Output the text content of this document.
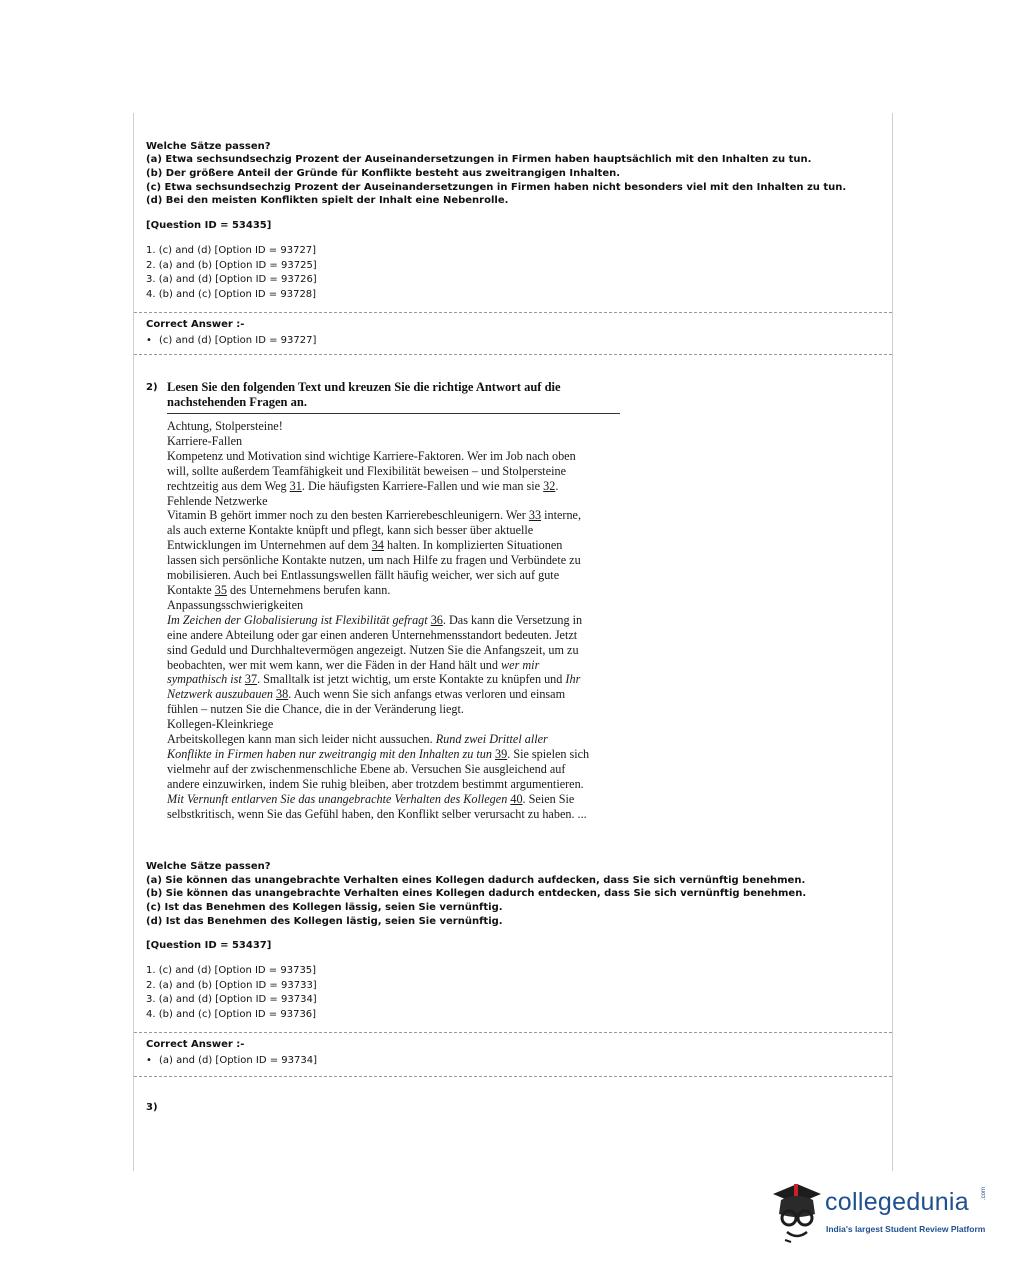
Welche Sätze passen?
(a) Etwa sechsundsechzig Prozent der Auseinandersetzungen in Firmen haben hauptsächlich mit den Inhalten zu tun.
(b) Der größere Anteil der Gründe für Konflikte besteht aus zweitrangigen Inhalten.
(c) Etwa sechsundsechzig Prozent der Auseinandersetzungen in Firmen haben nicht besonders viel mit den Inhalten zu tun.
(d) Bei den meisten Konflikten spielt der Inhalt eine Nebenrolle.
[Question ID = 53435]
1. (c) and (d) [Option ID = 93727]
2. (a) and (b) [Option ID = 93725]
3. (a) and (d) [Option ID = 93726]
4. (b) and (c) [Option ID = 93728]
Correct Answer :-
• (c) and (d) [Option ID = 93727]
2) Lesen Sie den folgenden Text und kreuzen Sie die richtige Antwort auf die
nachstehenden Fragen an.
Achtung, Stolpersteine!
Karriere-Fallen
Kompetenz und Motivation sind wichtige Karriere-Faktoren. Wer im Job nach oben
will, sollte außerdem Teamfähigkeit und Flexibilität beweisen – und Stolpersteine
rechtzeitig aus dem Weg 31. Die häufigsten Karriere-Fallen und wie man sie 32.
Fehlende Netzwerke
Vitamin B gehört immer noch zu den besten Karrierebeschleunigern. Wer 33 interne,
als auch externe Kontakte knüpft und pflegt, kann sich besser über aktuelle
Entwicklungen im Unternehmen auf dem 34 halten. In komplizierten Situationen
lassen sich persönliche Kontakte nutzen, um nach Hilfe zu fragen und Verbündete zu
mobilisieren. Auch bei Entlassungswellen fällt häufig weicher, wer sich auf gute
Kontakte 35 des Unternehmens berufen kann.
Anpassungsschwierigkeiten
Im Zeichen der Globalisierung ist Flexibilität gefragt 36. Das kann die Versetzung in
eine andere Abteilung oder gar einen anderen Unternehmensstandort bedeuten. Jetzt
sind Geduld und Durchhaltevermögen angezeigt. Nutzen Sie die Anfangszeit, um zu
beobachten, wer mit wem kann, wer die Fäden in der Hand hält und wer mir
sympathisch ist 37. Smalltalk ist jetzt wichtig, um erste Kontakte zu knüpfen und Ihr
Netzwerk auszubauen 38. Auch wenn Sie sich anfangs etwas verloren und einsam
fühlen – nutzen Sie die Chance, die in der Veränderung liegt.
Kollegen-Kleinkriege
Arbeitskollegen kann man sich leider nicht aussuchen. Rund zwei Drittel aller
Konflikte in Firmen haben nur zweitrangig mit den Inhalten zu tun 39. Sie spielen sich
vielmehr auf der zwischenmenschliche Ebene ab. Versuchen Sie ausgleichend auf
andere einzuwirken, indem Sie ruhig bleiben, aber trotzdem bestimmt argumentieren.
Mit Vernunft entlarven Sie das unangebrachte Verhalten des Kollegen 40. Seien Sie
selbstkritisch, wenn Sie das Gefühl haben, den Konflikt selber verursacht zu haben. ...
Welche Sätze passen?
(a) Sie können das unangebrachte Verhalten eines Kollegen dadurch aufdecken, dass Sie sich vernünftig benehmen.
(b) Sie können das unangebrachte Verhalten eines Kollegen dadurch entdecken, dass Sie sich vernünftig benehmen.
(c) Ist das Benehmen des Kollegen lässig, seien Sie vernünftig.
(d) Ist das Benehmen des Kollegen lästig, seien Sie vernünftig.
[Question ID = 53437]
1. (c) and (d) [Option ID = 93735]
2. (a) and (b) [Option ID = 93733]
3. (a) and (d) [Option ID = 93734]
4. (b) and (c) [Option ID = 93736]
Correct Answer :-
• (a) and (d) [Option ID = 93734]
3)
collegedunia .com
India's largest Student Review Platform
